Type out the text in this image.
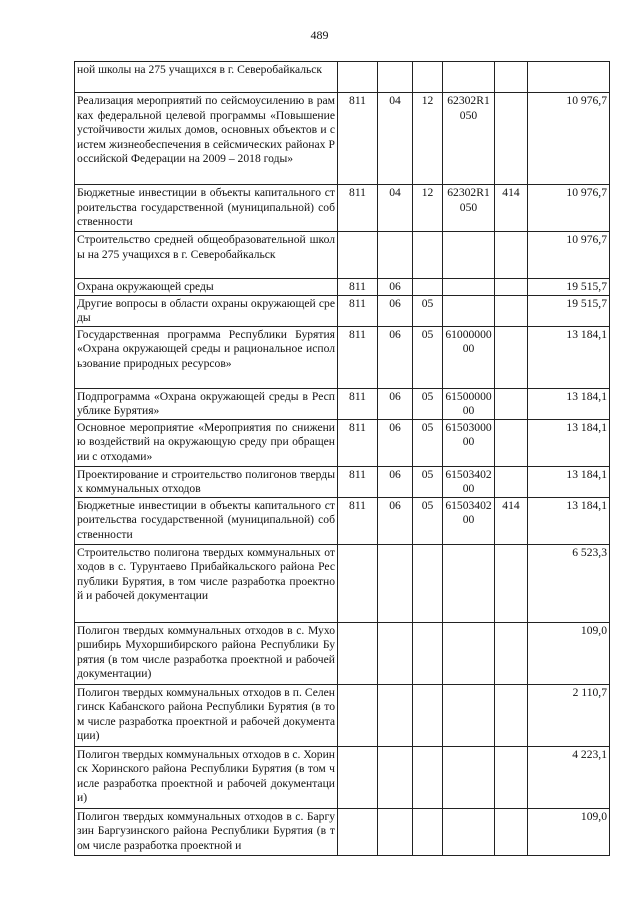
489
ной школы на 275 учащихся в г. Северобайкальск						
Реализация мероприятий по сейсмоусилению в рамках федеральной целевой программы «Повышение устойчивости жилых домов, основных объектов и систем жизнеобеспечения в сейсмических районах Российской Федерации на 2009 – 2018 годы»	811	04	12	62302R1050		10 976,7
Бюджетные инвестиции в объекты капитального строительства государственной (муниципальной) собственности	811	04	12	62302R1050	414	10 976,7
Строительство средней общеобразовательной школы на 275 учащихся в г. Северобайкальск						10 976,7
Охрана окружающей среды	811	06				19 515,7
Другие вопросы в области охраны окружающей среды	811	06	05			19 515,7
Государственная программа Республики Бурятия «Охрана окружающей среды и рациональное использование природных ресурсов»	811	06	05	6100000000		13 184,1
Подпрограмма «Охрана окружающей среды в Республике Бурятия»	811	06	05	6150000000		13 184,1
Основное мероприятие «Мероприятия по снижению воздействий на окружающую среду при обращении с отходами»	811	06	05	6150300000		13 184,1
Проектирование и строительство полигонов твердых коммунальных отходов	811	06	05	6150340200		13 184,1
Бюджетные инвестиции в объекты капитального строительства государственной (муниципальной) собственности	811	06	05	6150340200	414	13 184,1
Строительство полигона твердых коммунальных отходов в с. Турунтаево Прибайкальского района Республики Бурятия, в том числе разработка проектной и рабочей документации						6 523,3
Полигон твердых коммунальных отходов в с. Мухоршибирь Мухоршибирского района Республики Бурятия (в том числе разработка проектной и рабочей документации)						109,0
Полигон твердых коммунальных отходов в п. Селенгинск Кабанского района Республики Бурятия (в том числе разработка проектной и рабочей документации)						2 110,7
Полигон твердых коммунальных отходов в с. Хоринск Хоринского района Республики Бурятия (в том числе разработка проектной и рабочей документации)						4 223,1
Полигон твердых коммунальных отходов в с. Баргузин Баргузинского района Республики Бурятия (в том числе разработка проектной и						109,0
